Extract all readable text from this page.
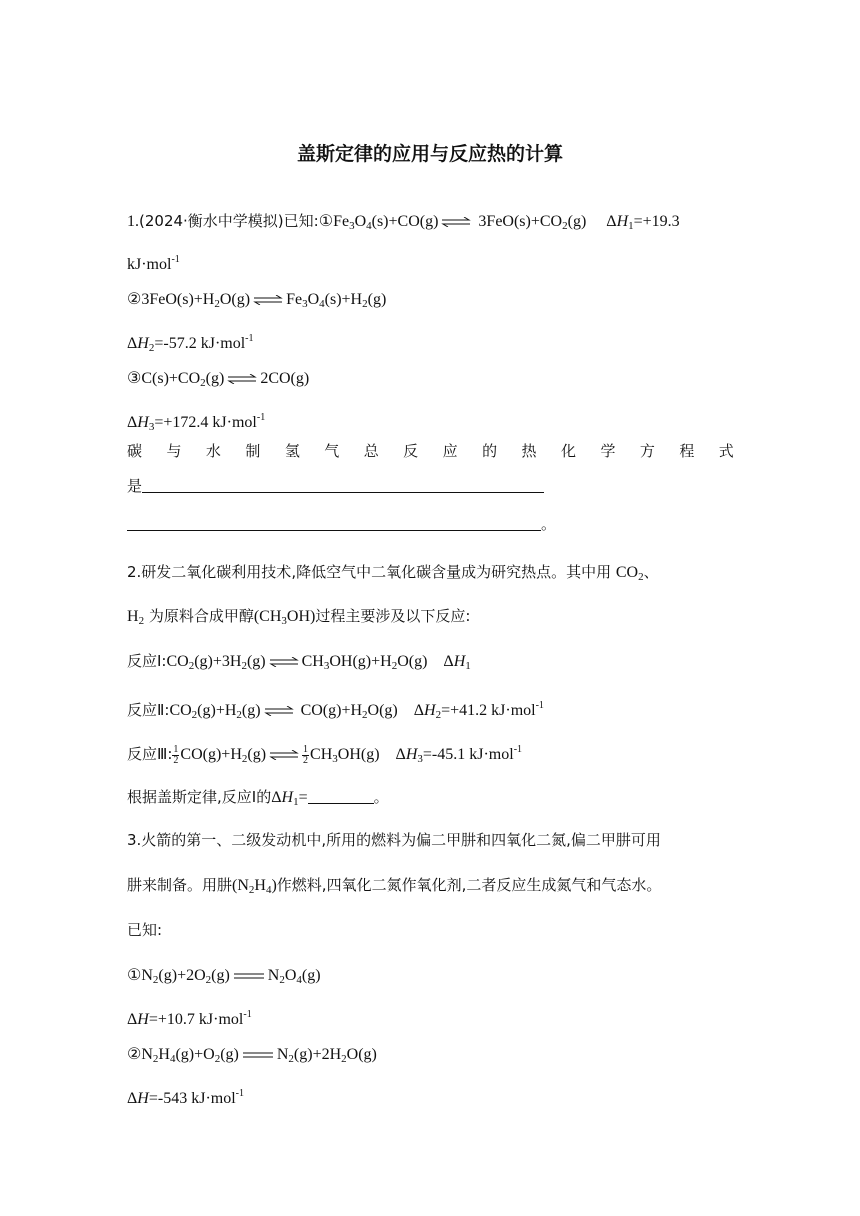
盖斯定律的应用与反应热的计算
1.(2024·衡水中学模拟)已知$:①Fe_3O_4(s)+CO(g)$ ⇌ $3FeO(s)+CO_2(g)$     $\Delta H_1=+19.3$
kJ·mol$^{-1}$
$②3FeO(s)+H_2O(g)$ ⇌ $Fe_3O_4(s)+H_2(g)$
$\Delta H_2=-57.2$ kJ·mol$^{-1}$
$③C(s)+CO_2(g)$ ⇌ 2CO(g)
$\Delta H_3=+172.4$ kJ·mol$^{-1}$
碳 与 水 制 氢 气 总 反 应 的 热 化 学 方 程 式
是
。
2.研发二氧化碳利用技术,降低空气中二氧化碳含量成为研究热点。其中用 $CO_2$、
$H_2$ 为原料合成甲醇$(CH_3OH)$过程主要涉及以下反应:
反应$Ⅰ:CO_2(g)+3H_2(g)$ ⇌ $CH_3OH(g)+H_2O(g)$    $\Delta H_1$
反应$Ⅱ:CO_2(g)+H_2(g)$ ⇌ $CO(g)+H_2O(g)$    $\Delta H_2=+41.2$ kJ·mol$^{-1}$
反应Ⅲ: $\frac{1}{2} CO(g)+H_2(g)$ ⇌ $\frac{1}{2} CH_3OH(g)$    $\Delta H_3=-45.1$ kJ·mol$^{-1}$
根据盖斯定律,反应Ⅰ的$\Delta H_1=$	。
3.火箭的第一、二级发动机中,所用的燃料为偏二甲肼和四氧化二氮,偏二甲肼可用
肼来制备。用肼$(N_2H_4)$作燃料,四氧化二氮作氧化剂,二者反应生成氮气和气态水。
已知:
$①N_2(g)+2O_2(g)$ $N_2O_4(g)$
ΔH=+10.7 kJ·mol$^{-1}$
$②N_2H_4(g)+O_2(g)$ $N_2(g)+2H_2O(g)$
ΔH=-543 kJ·mol$^{-1}$
